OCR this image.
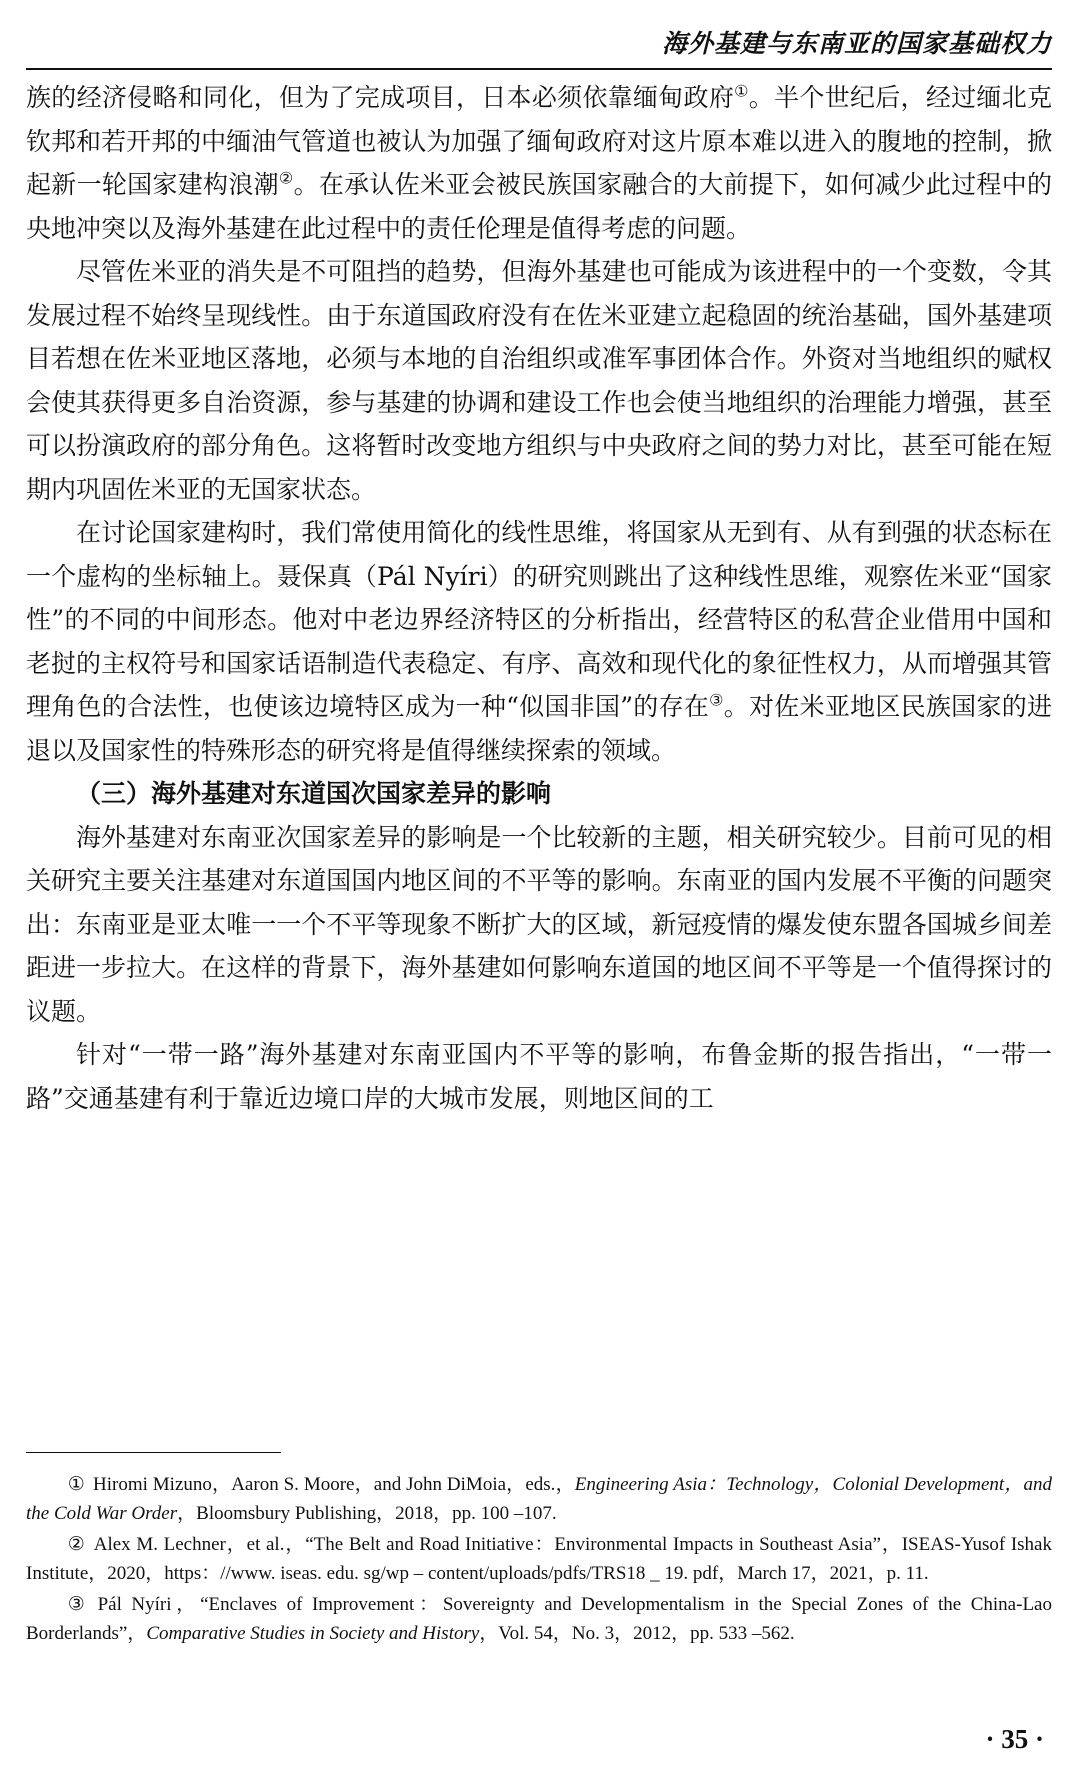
海外基建与东南亚的国家基础权力

族的经济侵略和同化，但为了完成项目，日本必须依靠缅甸政府①。半个世纪后，经过缅北克钦邦和若开邦的中缅油气管道也被认为加强了缅甸政府对这片原本难以进入的腹地的控制，掀起新一轮国家建构浪潮②。在承认佐米亚会被民族国家融合的大前提下，如何减少此过程中的央地冲突以及海外基建在此过程中的责任伦理是值得考虑的问题。

尽管佐米亚的消失是不可阻挡的趋势，但海外基建也可能成为该进程中的一个变数，令其发展过程不始终呈现线性。由于东道国政府没有在佐米亚建立起稳固的统治基础，国外基建项目若想在佐米亚地区落地，必须与本地的自治组织或准军事团体合作。外资对当地组织的赋权会使其获得更多自治资源，参与基建的协调和建设工作也会使当地组织的治理能力增强，甚至可以扮演政府的部分角色。这将暂时改变地方组织与中央政府之间的势力对比，甚至可能在短期内巩固佐米亚的无国家状态。

在讨论国家建构时，我们常使用简化的线性思维，将国家从无到有、从有到强的状态标在一个虚构的坐标轴上。聂保真（Pál Nyíri）的研究则跳出了这种线性思维，观察佐米亚“国家性”的不同的中间形态。他对中老边界经济特区的分析指出，经营特区的私营企业借用中国和老挝的主权符号和国家话语制造代表稳定、有序、高效和现代化的象征性权力，从而增强其管理角色的合法性，也使该边境特区成为一种“似国非国”的存在③。对佐米亚地区民族国家的进退以及国家性的特殊形态的研究将是值得继续探索的领域。

（三）海外基建对东道国次国家差异的影响

海外基建对东南亚次国家差异的影响是一个比较新的主题，相关研究较少。目前可见的相关研究主要关注基建对东道国国内地区间的不平等的影响。东南亚的国内发展不平衡的问题突出：东南亚是亚太唯一一个不平等现象不断扩大的区域，新冠疫情的爆发使东盟各国城乡间差距进一步拉大。在这样的背景下，海外基建如何影响东道国的地区间不平等是一个值得探讨的议题。

针对“一带一路”海外基建对东南亚国内不平等的影响，布鲁金斯的报告指出，“一带一路”交通基建有利于靠近边境口岸的大城市发展，则地区间的工

① Hiromi Mizuno，Aaron S. Moore，and John DiMoia，eds.，Engineering Asia：Technology，Colonial Development，and the Cold War Order，Bloomsbury Publishing，2018，pp. 100 –107.

② Alex M. Lechner，et al.，“The Belt and Road Initiative：Environmental Impacts in Southeast Asia”，ISEAS-Yusof Ishak Institute，2020，https：//www. iseas. edu. sg/wp – content/uploads/pdfs/TRS18 _ 19. pdf，March 17，2021，p. 11.

③ Pál Nyíri，“Enclaves of Improvement：Sovereignty and Developmentalism in the Special Zones of the China-Lao Borderlands”，Comparative Studies in Society and History，Vol. 54，No. 3，2012，pp. 533 –562.

· 35 ·
